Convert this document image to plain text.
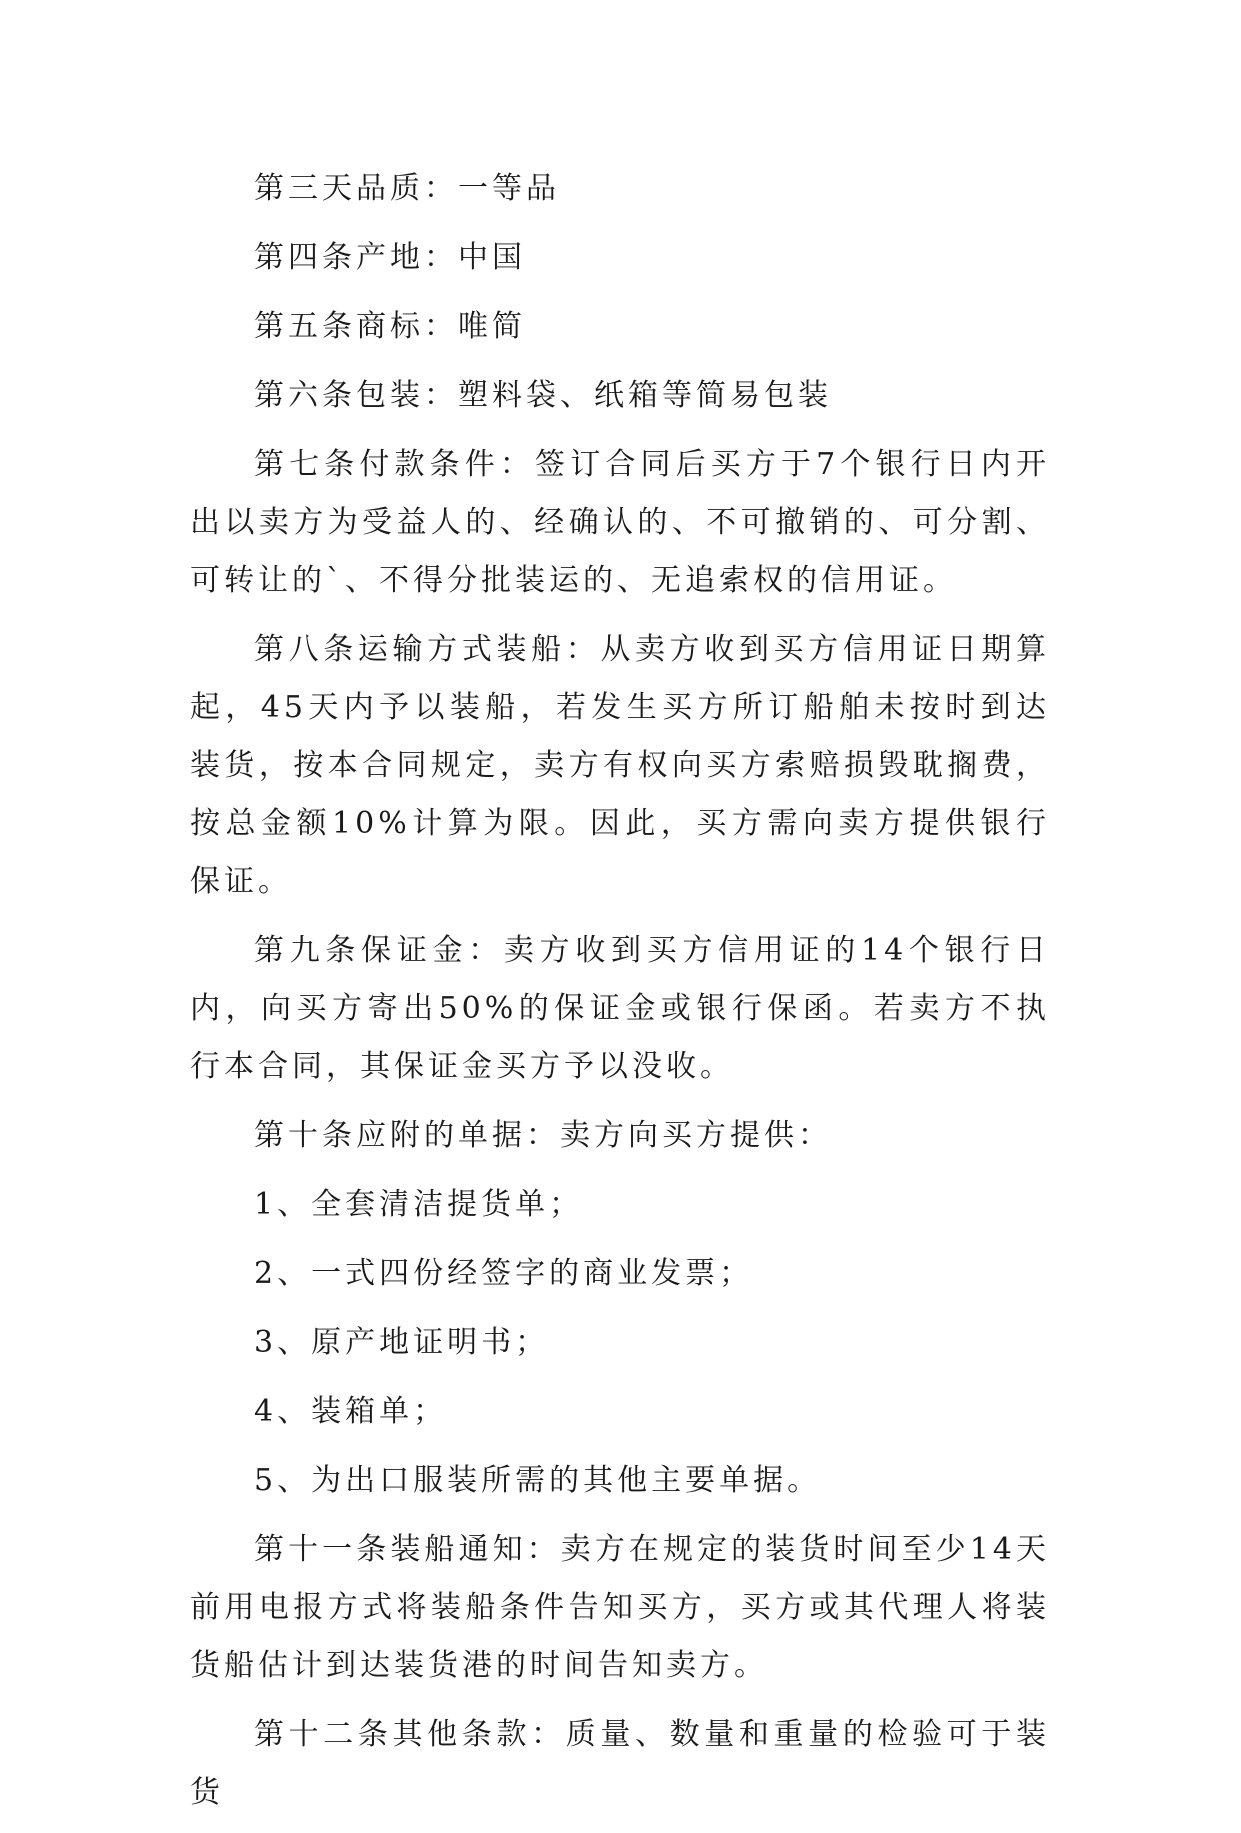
第三天品质：一等品

第四条产地：中国

第五条商标：唯简

第六条包装：塑料袋、纸箱等简易包装

第七条付款条件：签订合同后买方于7个银行日内开出以卖方为受益人的、经确认的、不可撤销的、可分割、可转让的`、不得分批装运的、无追索权的信用证。

第八条运输方式装船：从卖方收到买方信用证日期算起，45天内予以装船，若发生买方所订船舶未按时到达装货，按本合同规定，卖方有权向买方索赔损毁耽搁费，按总金额10%计算为限。因此，买方需向卖方提供银行保证。

第九条保证金：卖方收到买方信用证的14个银行日内，向买方寄出50%的保证金或银行保函。若卖方不执行本合同，其保证金买方予以没收。

第十条应附的单据：卖方向买方提供：

1、全套清洁提货单；

2、一式四份经签字的商业发票；

3、原产地证明书；

4、装箱单；

5、为出口服装所需的其他主要单据。

第十一条装船通知：卖方在规定的装货时间至少14天前用电报方式将装船条件告知买方，买方或其代理人将装货船估计到达装货港的时间告知卖方。

第十二条其他条款：质量、数量和重量的检验可于装货
